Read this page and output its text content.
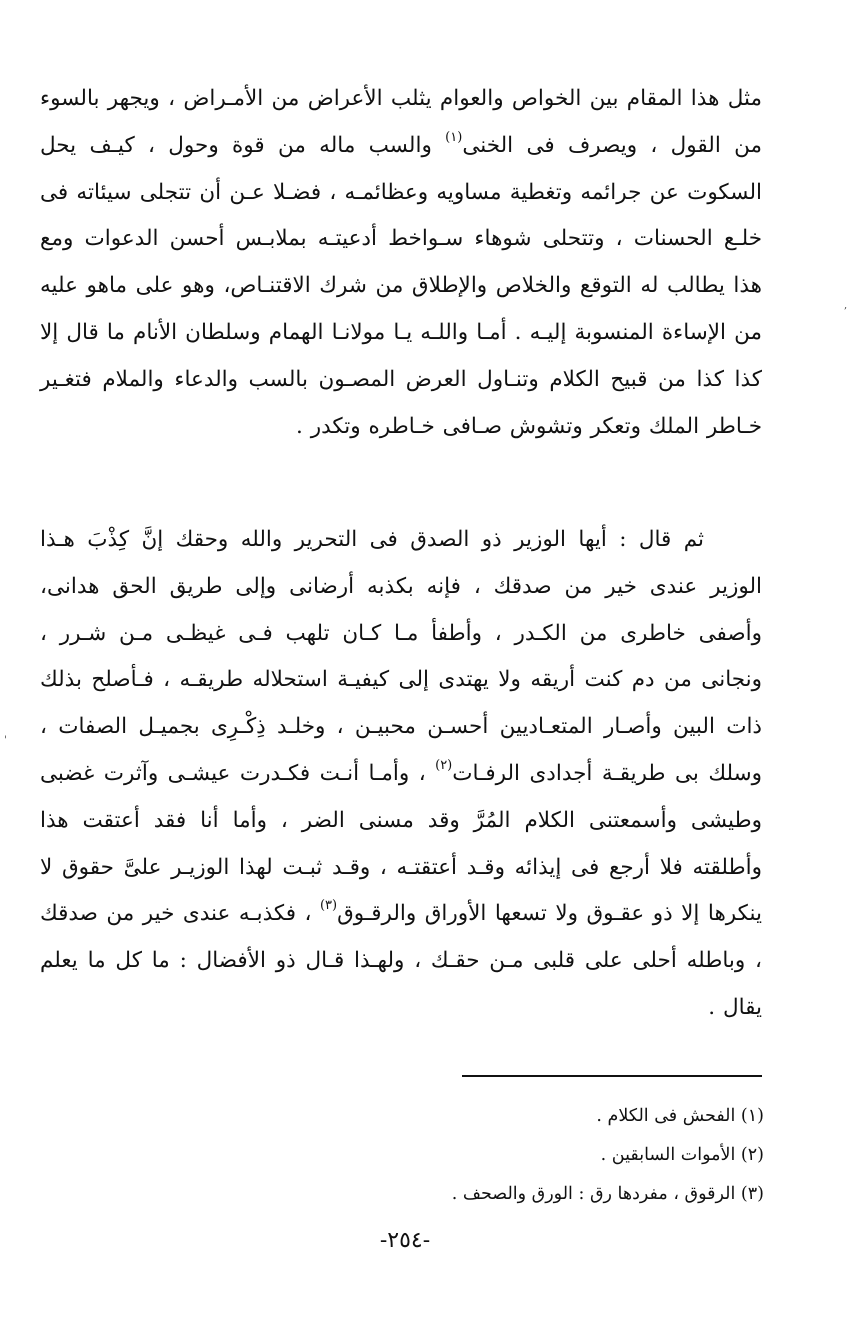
مثل هذا المقام بين الخواص والعوام يثلب الأعراض من الأمـراض ، ويجهر بالسوء من القول ، ويصرف فى الخنى$^{(١)}$ والسب ماله من قوة وحول ، كيـف يحل السكوت عن جرائمه وتغطية مساويه وعظائمـه ، فضـلا عـن أن تتجلى سيئاته فى خلـع الحسنات ، وتتحلى شوهاء سـواخط أدعيتـه بملابـس أحسن الدعوات ومع هذا يطالب له التوقع والخلاص والإطلاق من شرك الاقتنـاص، وهو على ماهو عليه من الإساءة المنسوبة إليـه . أمـا واللـه يـا مولانـا الهمام وسلطان الأنام ما قال إلا كذا كذا من قبيح الكلام وتنـاول العرض المصـون بالسب والدعاء والملام فتغـير خـاطر الملك وتعكر وتشوش صـافى خـاطره وتكدر .
ثم قال : أيها الوزير ذو الصدق فى التحرير والله وحقك إنَّ كِذْبَ هـذا الوزير عندى خير من صدقك ، فإنه بكذبه أرضانى وإلى طريق الحق هدانى، وأصفى خاطرى من الكـدر ، وأطفأ مـا كـان تلهب فـى غيظـى مـن شـرر ، ونجانى من دم كنت أريقه ولا يهتدى إلى كيفيـة استحلاله طريقـه ، فـأصلح بذلك ذات البين وأصـار المتعـاديين أحسـن محبيـن ، وخلـد ذِكْـرِى بجميـل الصفات ، وسلك بى طريقـة أجدادى الرفـات$^{(٢)}$ ، وأمـا أنـت فكـدرت عيشـى وآثرت غضبى وطيشى وأسمعتنى الكلام المُرَّ وقد مسنى الضر ، وأما أنا فقد أعتقت هذا وأطلقته فلا أرجع فى إيذائه وقـد أعتقتـه ، وقـد ثبـت لهذا الوزيـر علىَّ حقوق لا ينكرها إلا ذو عقـوق ولا تسعها الأوراق والرقـوق$^{(٣)}$ ، فكذبـه عندى خير من صدقك ، وباطله أحلى على قلبى مـن حقـك ، ولهـذا قـال ذو الأفضال : ما كل ما يعلم يقال .
(١) الفحش فى الكلام .
(٢) الأموات السابقين .
(٣) الرقوق ، مفردها رق : الورق والصحف .
-٢٥٤-
,
'
